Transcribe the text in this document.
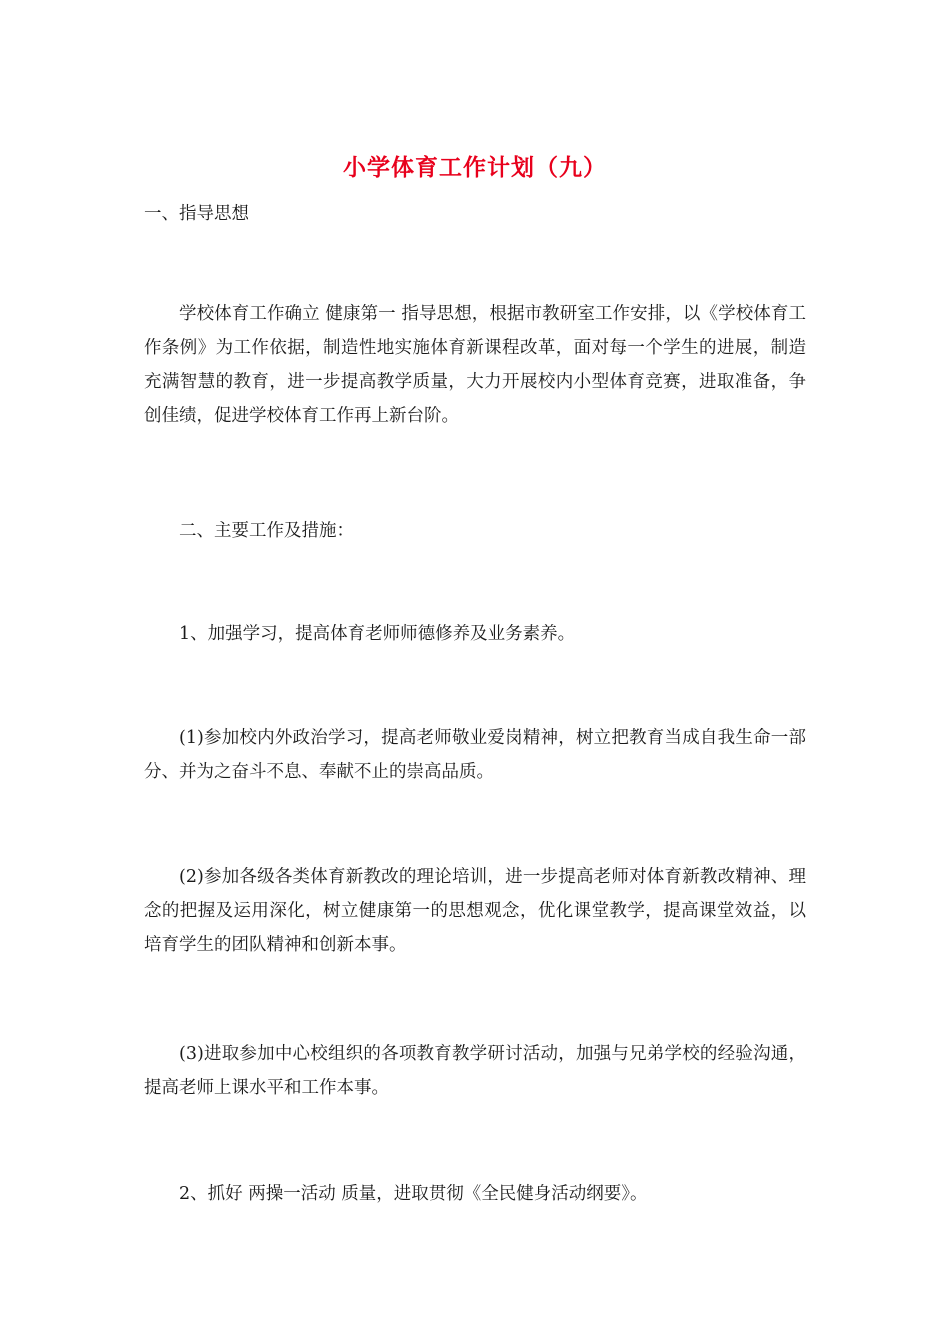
小学体育工作计划（九）

一、指导思想

学校体育工作确立 健康第一 指导思想，根据市教研室工作安排，以《学校体育工作条例》为工作依据，制造性地实施体育新课程改革，面对每一个学生的进展，制造充满智慧的教育，进一步提高教学质量，大力开展校内小型体育竞赛，进取准备，争创佳绩，促进学校体育工作再上新台阶。

二、主要工作及措施：

1、加强学习，提高体育老师师德修养及业务素养。

(1)参加校内外政治学习，提高老师敬业爱岗精神，树立把教育当成自我生命一部分、并为之奋斗不息、奉献不止的崇高品质。

(2)参加各级各类体育新教改的理论培训，进一步提高老师对体育新教改精神、理念的把握及运用深化，树立健康第一的思想观念，优化课堂教学，提高课堂效益，以培育学生的团队精神和创新本事。

(3)进取参加中心校组织的各项教育教学研讨活动，加强与兄弟学校的经验沟通，提高老师上课水平和工作本事。

2、抓好 两操一活动 质量，进取贯彻《全民健身活动纲要》。
